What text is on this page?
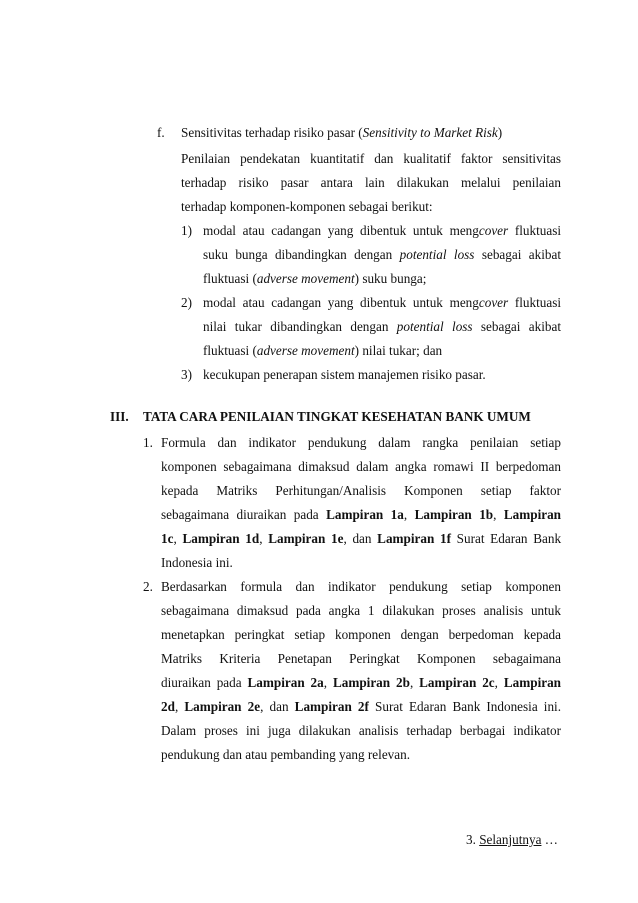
f. Sensitivitas terhadap risiko pasar (Sensitivity to Market Risk)
Penilaian pendekatan kuantitatif dan kualitatif faktor sensitivitas
terhadap risiko pasar antara lain dilakukan melalui penilaian
terhadap komponen-komponen sebagai berikut:
1) modal atau cadangan yang dibentuk untuk mengcover fluktuasi
suku bunga dibandingkan dengan potential loss sebagai akibat
fluktuasi (adverse movement) suku bunga;
2) modal atau cadangan yang dibentuk untuk mengcover fluktuasi
nilai tukar dibandingkan dengan potential loss sebagai akibat
fluktuasi (adverse movement) nilai tukar; dan
3) kecukupan penerapan sistem manajemen risiko pasar.
III. TATA CARA PENILAIAN TINGKAT KESEHATAN BANK UMUM
1. Formula dan indikator pendukung dalam rangka penilaian setiap
komponen sebagaimana dimaksud dalam angka romawi II berpedoman
kepada Matriks Perhitungan/Analisis Komponen setiap faktor
sebagaimana diuraikan pada Lampiran 1a, Lampiran 1b, Lampiran
1c, Lampiran 1d, Lampiran 1e, dan Lampiran 1f Surat Edaran Bank
Indonesia ini.
2. Berdasarkan formula dan indikator pendukung setiap komponen
sebagaimana dimaksud pada angka 1 dilakukan proses analisis untuk
menetapkan peringkat setiap komponen dengan berpedoman kepada
Matriks Kriteria Penetapan Peringkat Komponen sebagaimana
diuraikan pada Lampiran 2a, Lampiran 2b, Lampiran 2c, Lampiran
2d, Lampiran 2e, dan Lampiran 2f Surat Edaran Bank Indonesia ini.
Dalam proses ini juga dilakukan analisis terhadap berbagai indikator
pendukung dan atau pembanding yang relevan.
3. Selanjutnya …
